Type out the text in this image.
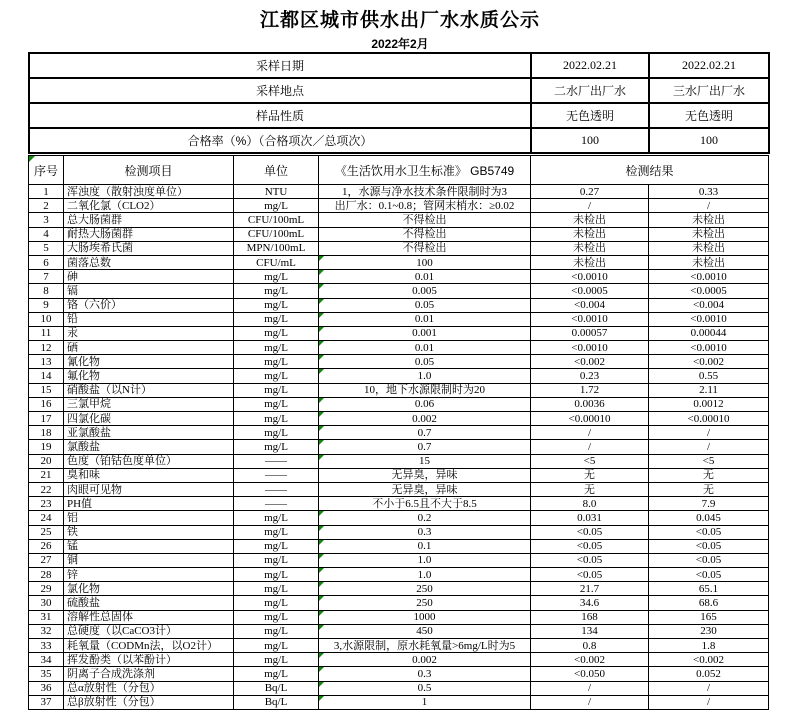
江都区城市供水出厂水水质公示
2022年2月
采样日期	2022.02.21	2022.02.21
采样地点	二水厂出厂水	三水厂出厂水
样品性质	无色透明	无色透明
合格率（%）（合格项次／总项次）	100	100
序号	检测项目	单位	《生活饮用水卫生标准》 GB5749	检测结果	
1	浑浊度（散射浊度单位）	NTU	1，水源与净水技术条件限制时为3	0.27	0.33
2	二氧化氯（CLO2）	mg/L	出厂水：0.1~0.8；管网末梢水：≥0.02	/	/
3	总大肠菌群	CFU/100mL	不得检出	未检出	未检出
4	耐热大肠菌群	CFU/100mL	不得检出	未检出	未检出
5	大肠埃希氏菌	MPN/100mL	不得检出	未检出	未检出
6	菌落总数	CFU/mL	100	未检出	未检出
7	砷	mg/L	0.01	<0.0010	<0.0010
8	镉	mg/L	0.005	<0.0005	<0.0005
9	铬（六价）	mg/L	0.05	<0.004	<0.004
10	铅	mg/L	0.01	<0.0010	<0.0010
11	汞	mg/L	0.001	0.00057	0.00044
12	硒	mg/L	0.01	<0.0010	<0.0010
13	氰化物	mg/L	0.05	<0.002	<0.002
14	氟化物	mg/L	1.0	0.23	0.55
15	硝酸盐（以N计）	mg/L	10，地下水源限制时为20	1.72	2.11
16	三氯甲烷	mg/L	0.06	0.0036	0.0012
17	四氯化碳	mg/L	0.002	<0.00010	<0.00010
18	亚氯酸盐	mg/L	0.7	/	/
19	氯酸盐	mg/L	0.7	/	/
20	色度（铂钴色度单位）	——	15	<5	<5
21	臭和味	——	无异臭，异味	无	无
22	肉眼可见物	——	无异臭，异味	无	无
23	PH值	——	不小于6.5且不大于8.5	8.0	7.9
24	铝	mg/L	0.2	0.031	0.045
25	铁	mg/L	0.3	<0.05	<0.05
26	锰	mg/L	0.1	<0.05	<0.05
27	铜	mg/L	1.0	<0.05	<0.05
28	锌	mg/L	1.0	<0.05	<0.05
29	氯化物	mg/L	250	21.7	65.1
30	硫酸盐	mg/L	250	34.6	68.6
31	溶解性总固体	mg/L	1000	168	165
32	总硬度（以CaCO3计）	mg/L	450	134	230
33	耗氧量（CODMn法，以O2计）	mg/L	3,水源限制，原水耗氧量>6mg/L时为5	0.8	1.8
34	挥发酚类（以苯酚计）	mg/L	0.002	<0.002	<0.002
35	阴离子合成洗涤剂	mg/L	0.3	<0.050	0.052
36	总α放射性（分包）	Bq/L	0.5	/	/
37	总β放射性（分包）	Bq/L	1	/	/
